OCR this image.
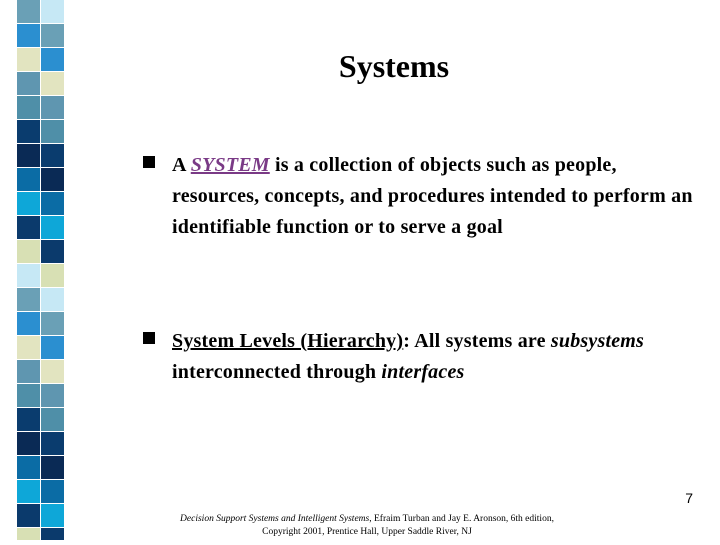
Systems
A SYSTEM is a collection of objects such as people, resources, concepts, and procedures intended to perform an identifiable function or to serve a goal
System Levels (Hierarchy): All systems are subsystems interconnected through interfaces
7
Decision Support Systems and Intelligent Systems, Efraim Turban and Jay E. Aronson, 6th edition,
Copyright 2001, Prentice Hall, Upper Saddle River, NJ
